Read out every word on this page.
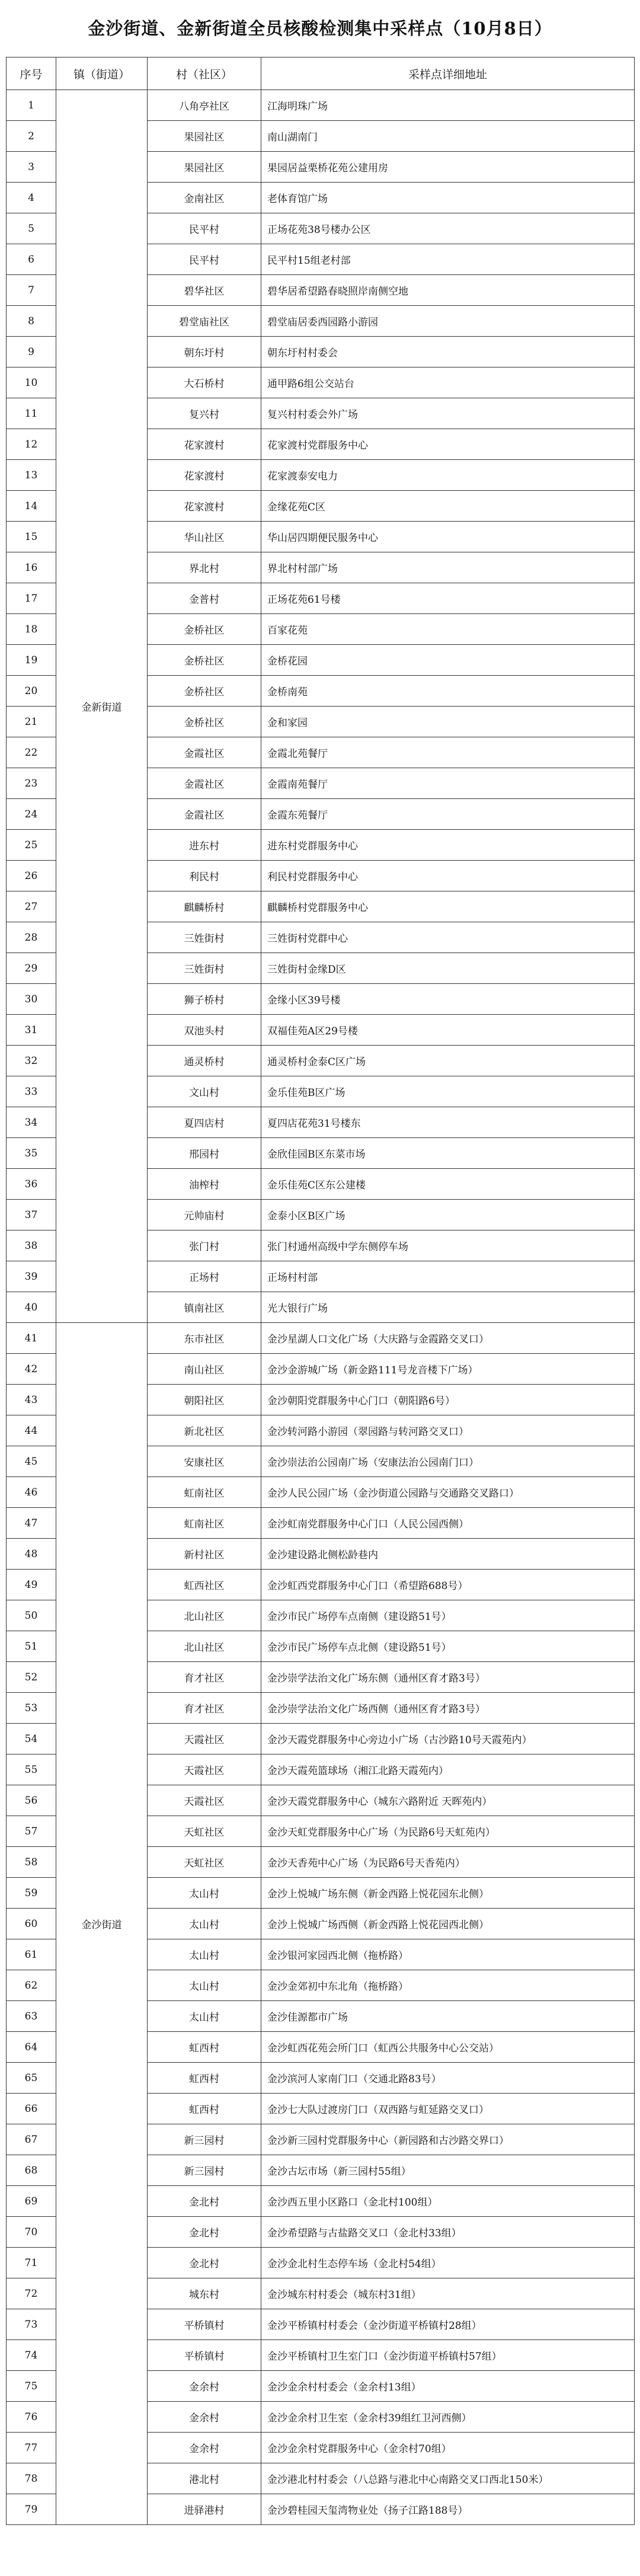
金沙街道、金新街道全员核酸检测集中采样点（10月8日）
序号	镇（街道）	村（社区）	采样点详细地址
1	金新街道	八角亭社区	江海明珠广场
2		果园社区	南山湖南门
3		果园社区	果园居益栗桥花苑公建用房
4		金南社区	老体育馆广场
5		民平村	正场花苑38号楼办公区
6		民平村	民平村15组老村部
7		碧华社区	碧华居希望路春晓照岸南侧空地
8		碧堂庙社区	碧堂庙居委西园路小游园
9		朝东圩村	朝东圩村村委会
10		大石桥村	通甲路6组公交站台
11		复兴村	复兴村村委会外广场
12		花家渡村	花家渡村党群服务中心
13		花家渡村	花家渡泰安电力
14		花家渡村	金缘花苑C区
15		华山社区	华山居四期便民服务中心
16		界北村	界北村村部广场
17		金普村	正场花苑61号楼
18		金桥社区	百家花苑
19		金桥社区	金桥花园
20		金桥社区	金桥南苑
21		金桥社区	金和家园
22		金霞社区	金霞北苑餐厅
23		金霞社区	金霞南苑餐厅
24		金霞社区	金霞东苑餐厅
25		进东村	进东村党群服务中心
26		利民村	利民村党群服务中心
27		麒麟桥村	麒麟桥村党群服务中心
28		三姓街村	三姓街村党群中心
29		三姓街村	三姓街村金缘D区
30		狮子桥村	金缘小区39号楼
31		双池头村	双福佳苑A区29号楼
32		通灵桥村	通灵桥村金泰C区广场
33		文山村	金乐佳苑B区广场
34		夏四店村	夏四店花苑31号楼东
35		邢园村	金欣佳园B区东菜市场
36		油榨村	金乐佳苑C区东公建楼
37		元帅庙村	金泰小区B区广场
38		张门村	张门村通州高级中学东侧停车场
39		正场村	正场村村部
40		镇南社区	光大银行广场
41	金沙街道	东市社区	金沙星湖人口文化广场（大庆路与金霞路交叉口）
42		南山社区	金沙金游城广场（新金路111号龙音楼下广场）
43		朝阳社区	金沙朝阳党群服务中心门口（朝阳路6号）
44		新北社区	金沙转河路小游园（翠园路与转河路交叉口）
45		安康社区	金沙崇法治公园南广场（安康法治公园南门口）
46		虹南社区	金沙人民公园广场（金沙街道公园路与交通路交叉路口）
47		虹南社区	金沙虹南党群服务中心门口（人民公园西侧）
48		新村社区	金沙建设路北侧松龄巷内
49		虹西社区	金沙虹西党群服务中心门口（希望路688号）
50		北山社区	金沙市民广场停车点南侧（建设路51号）
51		北山社区	金沙市民广场停车点北侧（建设路51号）
52		育才社区	金沙崇学法治文化广场东侧（通州区育才路3号）
53		育才社区	金沙崇学法治文化广场西侧（通州区育才路3号）
54		天霞社区	金沙天霞党群服务中心旁边小广场（古沙路10号天霞苑内）
55		天霞社区	金沙天霞苑篮球场（湘江北路天霞苑内）
56		天霞社区	金沙天霞党群服务中心（城东六路附近 天晖苑内）
57		天虹社区	金沙天虹党群服务中心广场（为民路6号天虹苑内）
58		天虹社区	金沙天香苑中心广场（为民路6号天香苑内）
59		太山村	金沙上悦城广场东侧（新金西路上悦花园东北侧）
60		太山村	金沙上悦城广场西侧（新金西路上悦花园西北侧）
61		太山村	金沙银河家园西北侧（拖桥路）
62		太山村	金沙金郊初中东北角（拖桥路）
63		太山村	金沙佳源都市广场
64		虹西村	金沙虹西花苑会所门口（虹西公共服务中心公交站）
65		虹西村	金沙滨河人家南门口（交通北路83号）
66		虹西村	金沙七大队过渡房门口（双西路与虹延路交叉口）
67		新三园村	金沙新三园村党群服务中心（新园路和古沙路交界口）
68		新三园村	金沙古坛市场（新三园村55组）
69		金北村	金沙西五里小区路口（金北村100组）
70		金北村	金沙希望路与古盐路交叉口（金北村33组）
71		金北村	金沙金北村生态停车场（金北村54组）
72		城东村	金沙城东村村委会（城东村31组）
73		平桥镇村	金沙平桥镇村村委会（金沙街道平桥镇村28组）
74		平桥镇村	金沙平桥镇村卫生室门口（金沙街道平桥镇村57组）
75		金余村	金沙金余村村委会（金余村13组）
76		金余村	金沙金余村卫生室（金余村39组红卫河西侧）
77		金余村	金沙金余村党群服务中心（金余村70组）
78		港北村	金沙港北村村委会（八总路与港北中心南路交叉口西北150米）
79		进驿港村	金沙碧桂园天玺湾物业处（扬子江路188号）
